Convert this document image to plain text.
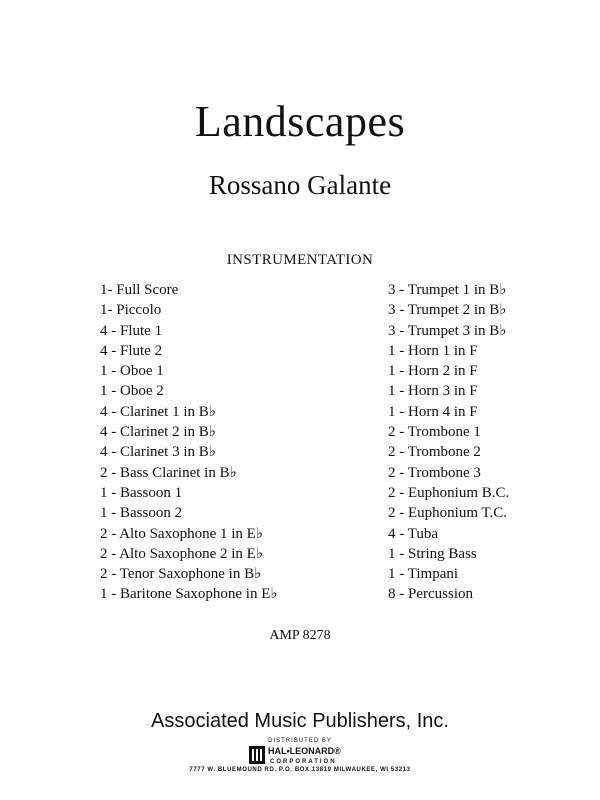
Landscapes
Rossano Galante
INSTRUMENTATION
1- Full Score
1- Piccolo
4 - Flute 1
4 - Flute 2
1 - Oboe 1
1 - Oboe 2
4 - Clarinet 1 in B♭
4 - Clarinet 2 in B♭
4 - Clarinet 3 in B♭
2 - Bass Clarinet in B♭
1 - Bassoon 1
1 - Bassoon 2
2 - Alto Saxophone 1 in E♭
2 - Alto Saxophone 2 in E♭
2 - Tenor Saxophone in B♭
1 - Baritone Saxophone in E♭
3 - Trumpet 1 in B♭
3 - Trumpet 2 in B♭
3 - Trumpet 3 in B♭
1 - Horn 1 in F
1 - Horn 2 in F
1 - Horn 3 in F
1 - Horn 4 in F
2 - Trombone 1
2 - Trombone 2
2 - Trombone 3
2 - Euphonium B.C.
2 - Euphonium T.C.
4 - Tuba
1 - String Bass
1 - Timpani
8 - Percussion
AMP 8278
Associated Music Publishers, Inc.
DISTRIBUTED BY
HAL•LEONARD®
CORPORATION
7777 W. BLUEMOUND RD. P.O. BOX 13819 MILWAUKEE, WI 53213
